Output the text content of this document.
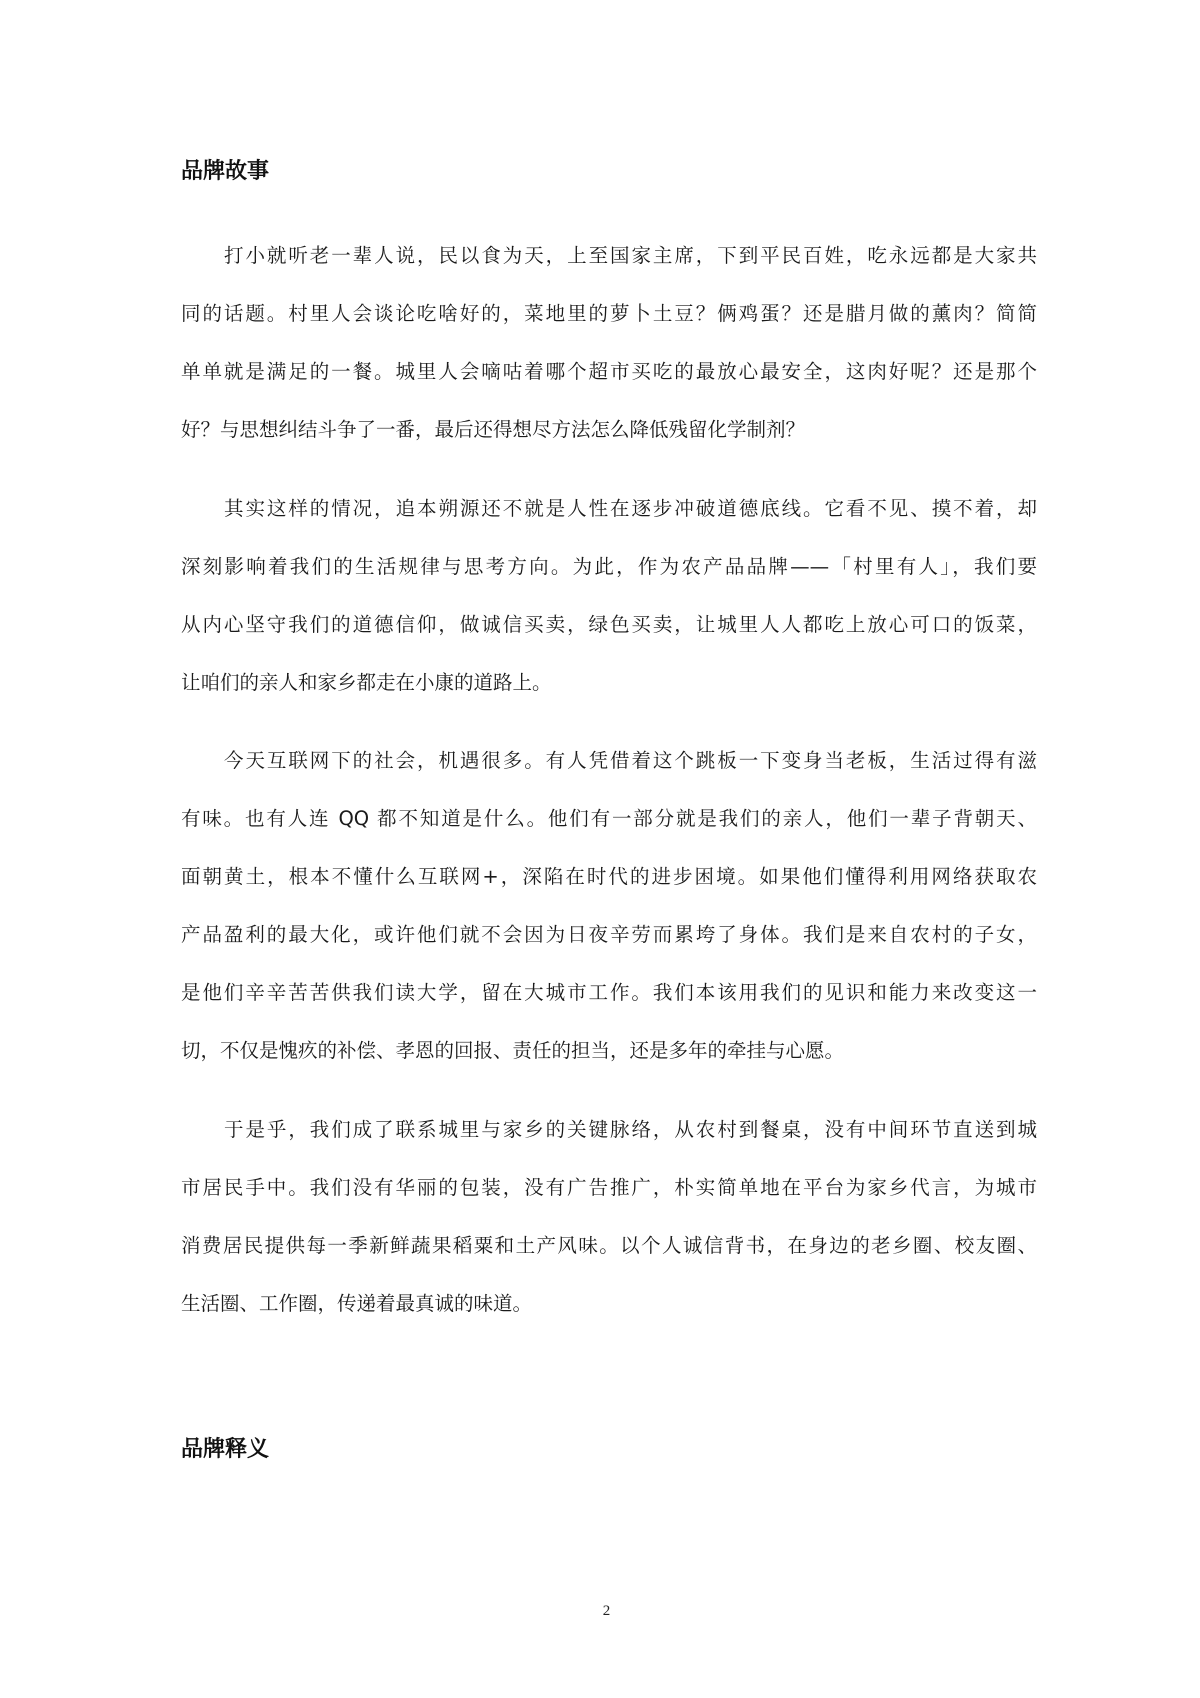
品牌故事
打小就听老一辈人说，民以食为天，上至国家主席，下到平民百姓，吃永远都是大家共
同的话题。村里人会谈论吃啥好的，菜地里的萝卜土豆？俩鸡蛋？还是腊月做的薰肉？简简
单单就是满足的一餐。城里人会嘀咕着哪个超市买吃的最放心最安全，这肉好呢？还是那个
好？与思想纠结斗争了一番，最后还得想尽方法怎么降低残留化学制剂？
其实这样的情况，追本朔源还不就是人性在逐步冲破道德底线。它看不见、摸不着，却
深刻影响着我们的生活规律与思考方向。为此，作为农产品品牌——「村里有人」，我们要
从内心坚守我们的道德信仰，做诚信买卖，绿色买卖，让城里人人都吃上放心可口的饭菜，
让咱们的亲人和家乡都走在小康的道路上。
今天互联网下的社会，机遇很多。有人凭借着这个跳板一下变身当老板，生活过得有滋
有味。也有人连 QQ 都不知道是什么。他们有一部分就是我们的亲人，他们一辈子背朝天、
面朝黄土，根本不懂什么互联网+，深陷在时代的进步困境。如果他们懂得利用网络获取农
产品盈利的最大化，或许他们就不会因为日夜辛劳而累垮了身体。我们是来自农村的子女，
是他们辛辛苦苦供我们读大学，留在大城市工作。我们本该用我们的见识和能力来改变这一
切，不仅是愧疚的补偿、孝恩的回报、责任的担当，还是多年的牵挂与心愿。
于是乎，我们成了联系城里与家乡的关键脉络，从农村到餐桌，没有中间环节直送到城
市居民手中。我们没有华丽的包装，没有广告推广，朴实简单地在平台为家乡代言，为城市
消费居民提供每一季新鲜蔬果稻粟和土产风味。以个人诚信背书，在身边的老乡圈、校友圈、
生活圈、工作圈，传递着最真诚的味道。
品牌释义
2
